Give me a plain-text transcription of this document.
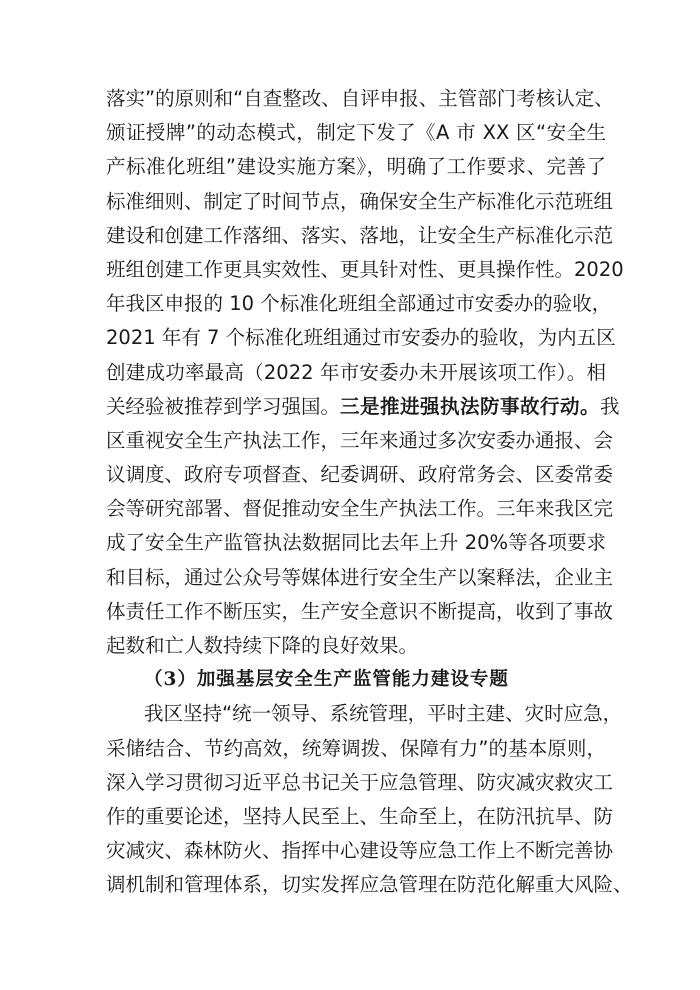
落实”的原则和“自查整改、自评申报、主管部门考核认定、
颁证授牌”的动态模式，制定下发了《A 市 XX 区“安全生
产标准化班组”建设实施方案》，明确了工作要求、完善了
标准细则、制定了时间节点，确保安全生产标准化示范班组
建设和创建工作落细、落实、落地，让安全生产标准化示范
班组创建工作更具实效性、更具针对性、更具操作性。2020
年我区申报的 10 个标准化班组全部通过市安委办的验收，
2021 年有 7 个标准化班组通过市安委办的验收，为内五区
创建成功率最高（2022 年市安委办未开展该项工作）。相
关经验被推荐到学习强国。三是推进强执法防事故行动。我
区重视安全生产执法工作，三年来通过多次安委办通报、会
议调度、政府专项督查、纪委调研、政府常务会、区委常委
会等研究部署、督促推动安全生产执法工作。三年来我区完
成了安全生产监管执法数据同比去年上升 20%等各项要求
和目标，通过公众号等媒体进行安全生产以案释法，企业主
体责任工作不断压实，生产安全意识不断提高，收到了事故
起数和亡人数持续下降的良好效果。
（3）加强基层安全生产监管能力建设专题
我区坚持“统一领导、系统管理，平时主建、灾时应急，
采储结合、节约高效，统筹调拨、保障有力”的基本原则，
深入学习贯彻习近平总书记关于应急管理、防灾减灾救灾工
作的重要论述，坚持人民至上、生命至上，在防汛抗旱、防
灾减灾、森林防火、指挥中心建设等应急工作上不断完善协
调机制和管理体系，切实发挥应急管理在防范化解重大风险、
